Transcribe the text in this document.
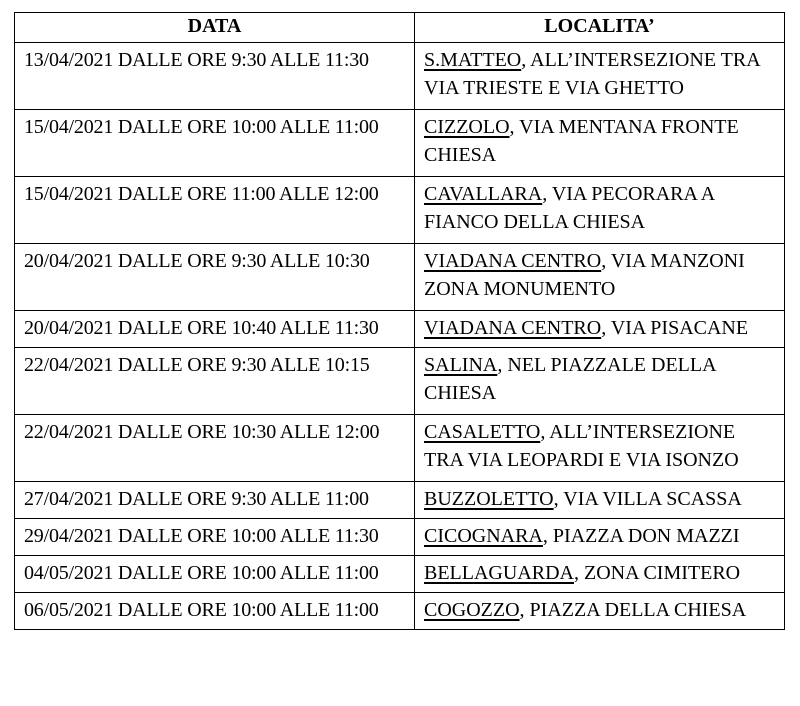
DATA	LOCALITA’
13/04/2021 DALLE ORE 9:30 ALLE 11:30	S.MATTEO, ALL’INTERSEZIONE TRA VIA TRIESTE E VIA GHETTO
15/04/2021 DALLE ORE 10:00 ALLE 11:00	CIZZOLO, VIA MENTANA FRONTE CHIESA
15/04/2021 DALLE ORE 11:00 ALLE 12:00	CAVALLARA, VIA PECORARA A FIANCO DELLA CHIESA
20/04/2021 DALLE ORE 9:30 ALLE 10:30	VIADANA CENTRO, VIA MANZONI ZONA MONUMENTO
20/04/2021 DALLE ORE 10:40 ALLE 11:30	VIADANA CENTRO, VIA PISACANE
22/04/2021 DALLE ORE 9:30 ALLE 10:15	SALINA, NEL PIAZZALE DELLA CHIESA
22/04/2021 DALLE ORE 10:30 ALLE 12:00	CASALETTO, ALL’INTERSEZIONE TRA VIA LEOPARDI E VIA ISONZO
27/04/2021 DALLE ORE 9:30 ALLE 11:00	BUZZOLETTO, VIA VILLA SCASSA
29/04/2021 DALLE ORE 10:00 ALLE 11:30	CICOGNARA, PIAZZA DON MAZZI
04/05/2021 DALLE ORE 10:00 ALLE 11:00	BELLAGUARDA, ZONA CIMITERO
06/05/2021 DALLE ORE 10:00 ALLE 11:00	COGOZZO, PIAZZA DELLA CHIESA
